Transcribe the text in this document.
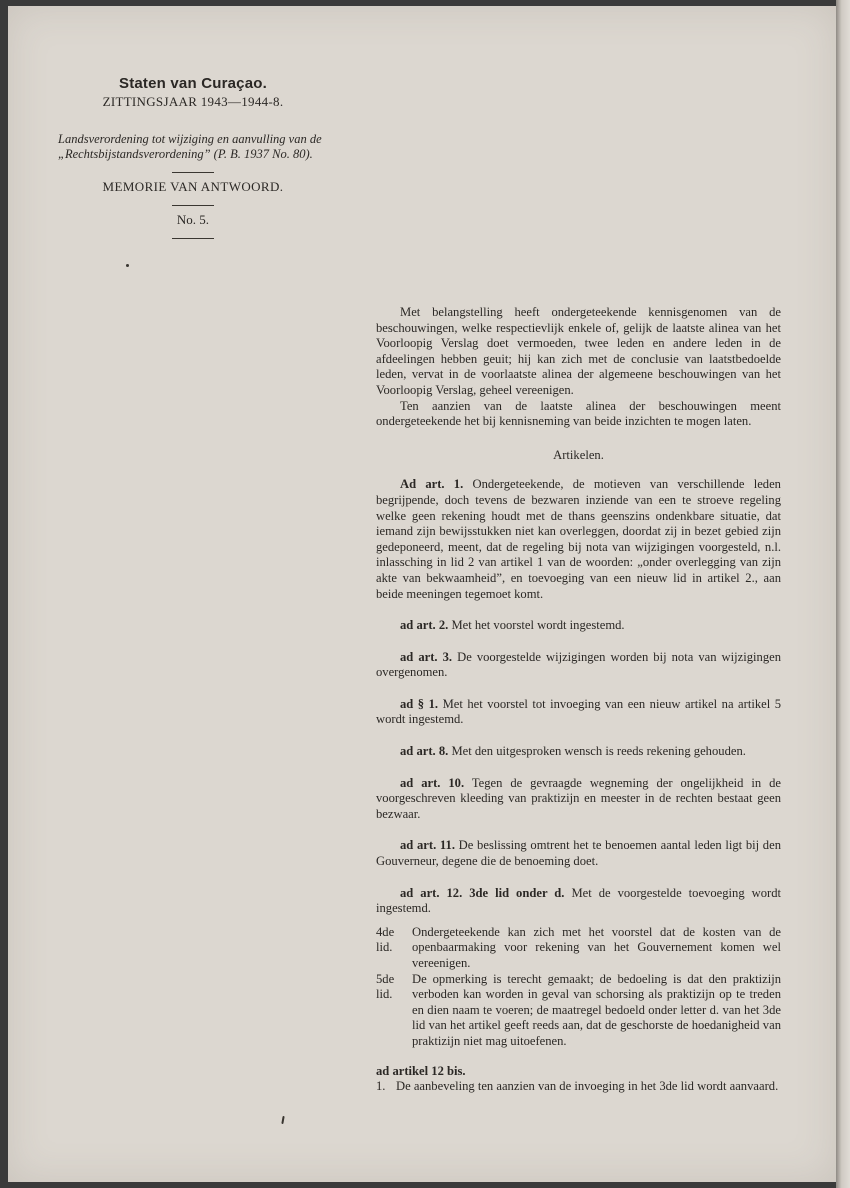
Staten van Curaçao.
ZITTINGSJAAR 1943—1944-8.
Landsverordening tot wijziging en aanvulling van de „Rechtsbijstandsverordening” (P. B. 1937 No. 80).
MEMORIE VAN ANTWOORD.
No. 5.

Met belangstelling heeft ondergeteekende kennisgenomen van de beschouwingen, welke respectievlijk enkele of, gelijk de laatste alinea van het Voorloopig Verslag doet vermoeden, twee leden en andere leden in de afdeelingen hebben geuit; hij kan zich met de conclusie van laatstbedoelde leden, vervat in de voorlaatste alinea der algemeene beschouwingen van het Voorloopig Verslag, geheel vereenigen.

Ten aanzien van de laatste alinea der beschouwingen meent ondergeteekende het bij kennisneming van beide inzichten te mogen laten.

Artikelen.

Ad art. 1. Ondergeteekende, de motieven van verschillende leden begrijpende, doch tevens de bezwaren inziende van een te stroeve regeling welke geen rekening houdt met de thans geenszins ondenkbare situatie, dat iemand zijn bewijsstukken niet kan overleggen, doordat zij in bezet gebied zijn gedeponeerd, meent, dat de regeling bij nota van wijzigingen voorgesteld, n.l. inlassching in lid 2 van artikel 1 van de woorden: „onder overlegging van zijn akte van bekwaamheid”, en toevoeging van een nieuw lid in artikel 2., aan beide meeningen tegemoet komt.

ad art. 2. Met het voorstel wordt ingestemd.

ad art. 3. De voorgestelde wijzigingen worden bij nota van wijzigingen overgenomen.

ad § 1. Met het voorstel tot invoeging van een nieuw artikel na artikel 5 wordt ingestemd.

ad art. 8. Met den uitgesproken wensch is reeds rekening gehouden.

ad art. 10. Tegen de gevraagde wegneming der ongelijkheid in de voorgeschreven kleeding van praktizijn en meester in de rechten bestaat geen bezwaar.

ad art. 11. De beslissing omtrent het te benoemen aantal leden ligt bij den Gouverneur, degene die de benoeming doet.

ad art. 12. 3de lid onder d. Met de voorgestelde toevoeging wordt ingestemd.

4de lid.
Ondergeteekende kan zich met het voorstel dat de kosten van de openbaarmaking voor rekening van het Gouvernement komen wel vereenigen.
5de lid.
De opmerking is terecht gemaakt; de bedoeling is dat den praktizijn verboden kan worden in geval van schorsing als praktizijn op te treden en dien naam te voeren; de maatregel bedoeld onder letter d. van het 3de lid van het artikel geeft reeds aan, dat de geschorste de hoedanigheid van praktizijn niet mag uitoefenen.
ad artikel 12 bis.
1. De aanbeveling ten aanzien van de invoeging in het 3de lid wordt aanvaard.
